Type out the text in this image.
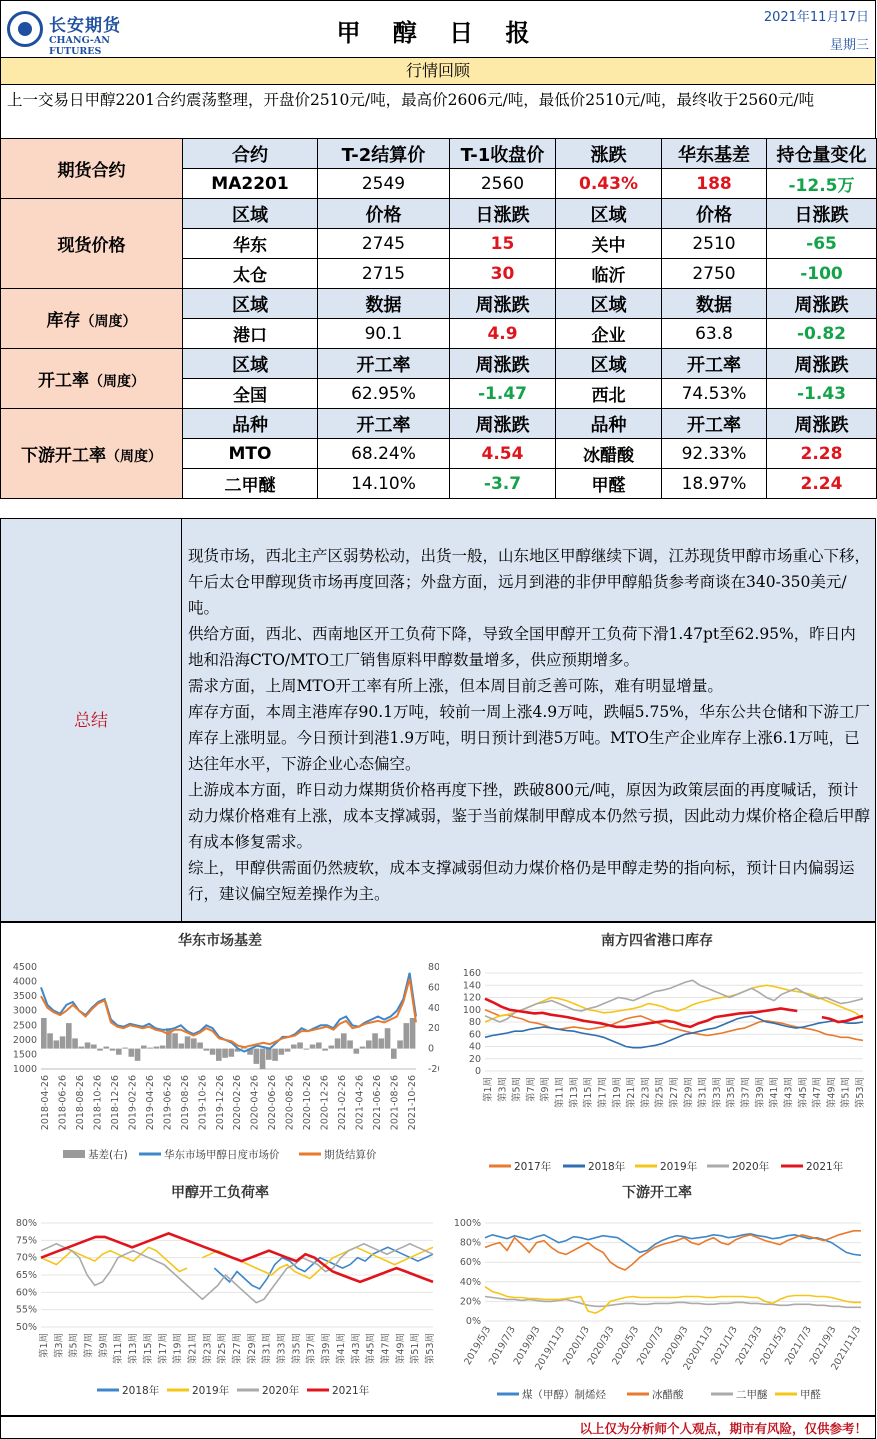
长安期货
CHANG-AN FUTURES
甲 醇 日 报
2021年11月17日
星期三
行情回顾
上一交易日甲醇2201合约震荡整理，开盘价2510元/吨，最高价2606元/吨，最低价2510元/吨，最终收于2560元/吨
期货合约	合约	T-2结算价	T-1收盘价	涨跌	华东基差	持仓量变化
	MA2201	2549	2560	0.43%	188	-12.5万
现货价格	区域	价格	日涨跌	区域	价格	日涨跌
	华东	2745	15	关中	2510	-65
	太仓	2715	30	临沂	2750	-100
库存（周度）	区域	数据	周涨跌	区域	数据	周涨跌
	港口	90.1	4.9	企业	63.8	-0.82
开工率（周度）	区域	开工率	周涨跌	区域	开工率	周涨跌
	全国	62.95%	-1.47	西北	74.53%	-1.43
下游开工率（周度）	品种	开工率	周涨跌	品种	开工率	周涨跌
	MTO	68.24%	4.54	冰醋酸	92.33%	2.28
	二甲醚	14.10%	-3.7	甲醛	18.97%	2.24
总结

现货市场，西北主产区弱势松动，出货一般，山东地区甲醇继续下调，江苏现货甲醇市场重心下移，午后太仓甲醇现货市场再度回落；外盘方面，远月到港的非伊甲醇船货参考商谈在340-350美元/吨。

供给方面，西北、西南地区开工负荷下降，导致全国甲醇开工负荷下滑1.47pt至62.95%，昨日内地和沿海CTO/MTO工厂销售原料甲醇数量增多，供应预期增多。

需求方面，上周MTO开工率有所上涨，但本周目前乏善可陈，难有明显增量。

库存方面，本周主港库存90.1万吨，较前一周上涨4.9万吨，跌幅5.75%，华东公共仓储和下游工厂库存上涨明显。今日预计到港1.9万吨，明日预计到港5万吨。MTO生产企业库存上涨6.1万吨，已达往年水平，下游企业心态偏空。

上游成本方面，昨日动力煤期货价格再度下挫，跌破800元/吨，原因为政策层面的再度喊话，预计动力煤价格难有上涨，成本支撑减弱，鉴于当前煤制甲醇成本仍然亏损，因此动力煤价格企稳后甲醇有成本修复需求。

综上，甲醇供需面仍然疲软，成本支撑减弱但动力煤价格仍是甲醇走势的指向标，预计日内偏弱运行，建议偏空短差操作为主。

华东市场基差
4500
4000
3500
3000
2500
2000
1500
1000
800
600
400
200
0
-200
2018-04-26 2018-06-26 2018-08-26 2018-10-26 2018-12-26 2019-02-26 2019-04-26 2019-06-26 2019-08-26 2019-10-26 2019-12-26 2020-02-26 2020-04-26 2020-06-26 2020-08-26 2020-10-26 2020-12-26 2021-02-26 2021-04-26 2021-06-26 2021-08-26 2021-10-26
基差(右)	华东市场甲醇日度市场价	期货结算价
南方四省港口库存
160
140
120
100
80
60
40
20
0
第1周 第3周 第5周 第7周 第9周 第11周 第13周 第15周 第17周 第19周 第21周 第23周 第25周 第27周 第29周 第31周 第33周 第35周 第37周 第39周 第41周 第43周 第45周 第47周 第49周 第51周 第53周
2017年	2018年	2019年	2020年	2021年
甲醇开工负荷率
80%
75%
70%
65%
60%
55%
50%
第1周 第3周 第5周 第7周 第9周 第11周 第13周 第15周 第17周 第19周 第21周 第23周 第25周 第27周 第29周 第31周 第33周 第35周 第37周 第39周 第41周 第43周 第45周 第47周 第49周 第51周 第53周
2018年	2019年	2020年	2021年
下游开工率
100%
80%
60%
40%
20%
0%
2019/5/3
2019/7/3
2019/9/3
2019/11/3
2020/1/3
2020/3/3
2020/5/3
2020/7/3
2020/9/3
2020/11/3
2021/1/3
2021/3/3
2021/5/3
2021/7/3
2021/9/3
2021/11/3
煤（甲醇）制烯烃	冰醋酸	二甲醚	甲醛
以上仅为分析师个人观点，期市有风险，仅供参考！
